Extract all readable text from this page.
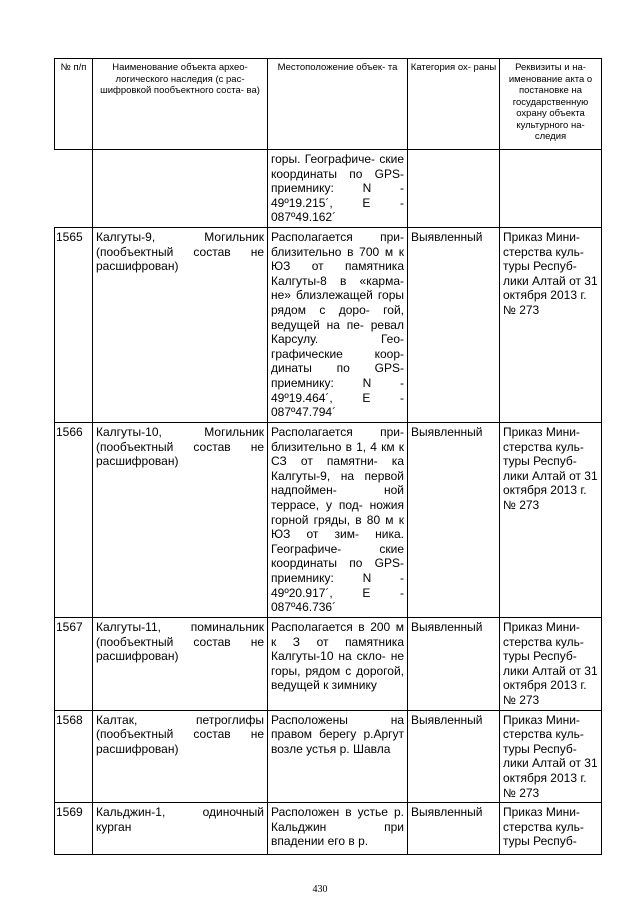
№ п/п	Наименование объекта архео- логического наследия (с рас- шифровкой пообъектного соста- ва)	Местоположение объек- та	Категория ох- раны	Реквизиты и на- именование акта о постановке на государственную охрану объекта культурного на- следия
		горы. Географиче- ские координаты по GPS-приемнику: N - 49º19.215´, E - 087º49.162´		
1565	Калгуты-9, Могильник (пообъектный состав не расшифрован)	Располагается при- близительно в 700 м к ЮЗ от памятника Калгуты-8 в «карма- не» близлежащей горы рядом с доро- гой, ведущей на пе- ревал Карсулу. Гео- графические коор- динаты по GPS- приемнику: N - 49º19.464´, E - 087º47.794´	Выявленный	Приказ Мини- стерства куль- туры Респуб- лики Алтай от 31 октября 2013 г. № 273
1566	Калгуты-10, Могильник (пообъектный состав не расшифрован)	Располагается при- близительно в 1, 4 км к СЗ от памятни- ка Калгуты-9, на первой надпоймен- ной террасе, у под- ножия горной гряды, в 80 м к ЮЗ от зим- ника. Географиче- ские координаты по GPS-приемнику: N - 49º20.917´, E - 087º46.736´	Выявленный	Приказ Мини- стерства куль- туры Респуб- лики Алтай от 31 октября 2013 г. № 273
1567	Калгуты-11, поминальник (пообъектный состав не расшифрован)	Располагается в 200 м к З от памятника Калгуты-10 на скло- не горы, рядом с дорогой, ведущей к зимнику	Выявленный	Приказ Мини- стерства куль- туры Респуб- лики Алтай от 31 октября 2013 г. № 273
1568	Калтак, петроглифы (пообъектный состав не расшифрован)	Расположены на правом берегу р.Аргут возле устья р. Шавла	Выявленный	Приказ Мини- стерства куль- туры Респуб- лики Алтай от 31 октября 2013 г. № 273
1569	Кальджин-1, одиночный курган	Расположен в устье р. Кальджин при впадении его в р.	Выявленный	Приказ Мини- стерства куль- туры Респуб-
430
